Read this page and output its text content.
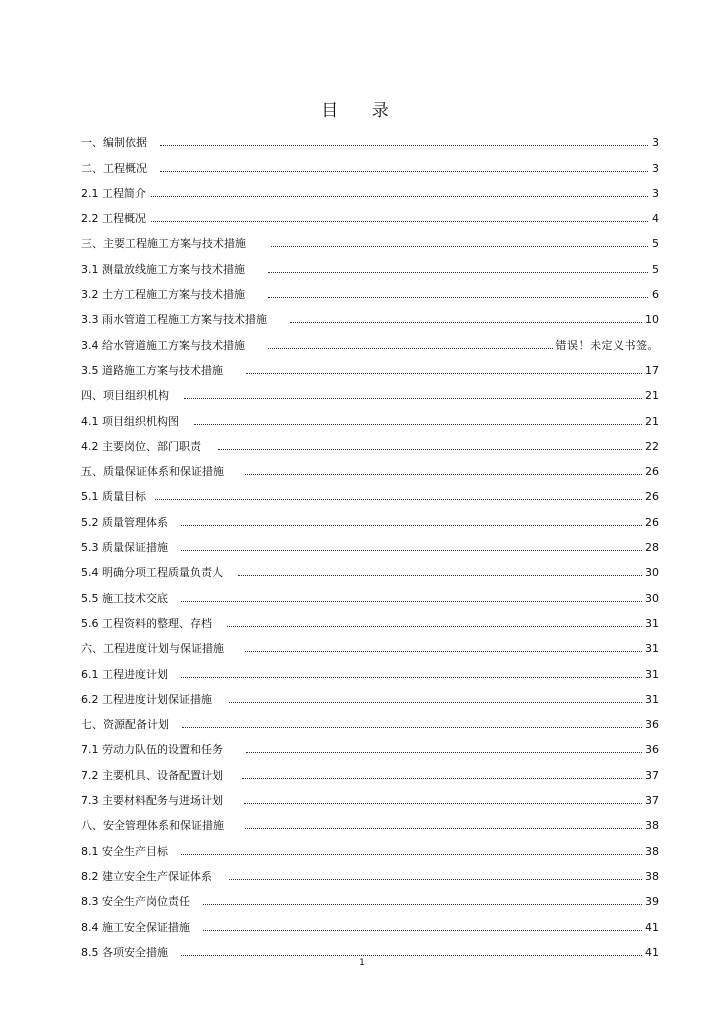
目 录
一、编制依据	3
二、工程概况	3
2.1 工程简介	3
2.2 工程概况	4
三、主要工程施工方案与技术措施	5
3.1 测量放线施工方案与技术措施	5
3.2 土方工程施工方案与技术措施	6
3.3 雨水管道工程施工方案与技术措施	10
3.4 给水管道施工方案与技术措施	错误！未定义书签。
3.5 道路施工方案与技术措施	17
四、项目组织机构	21
4.1 项目组织机构图	21
4.2 主要岗位、部门职责	22
五、质量保证体系和保证措施	26
5.1 质量目标	26
5.2 质量管理体系	26
5.3 质量保证措施	28
5.4 明确分项工程质量负责人	30
5.5 施工技术交底	30
5.6 工程资料的整理、存档	31
六、工程进度计划与保证措施	31
6.1 工程进度计划	31
6.2 工程进度计划保证措施	31
七、资源配备计划	36
7.1 劳动力队伍的设置和任务	36
7.2 主要机具、设备配置计划	37
7.3 主要材料配务与进场计划	37
八、安全管理体系和保证措施	38
8.1 安全生产目标	38
8.2 建立安全生产保证体系	38
8.3 安全生产岗位责任	39
8.4 施工安全保证措施	41
8.5 各项安全措施	41
1
